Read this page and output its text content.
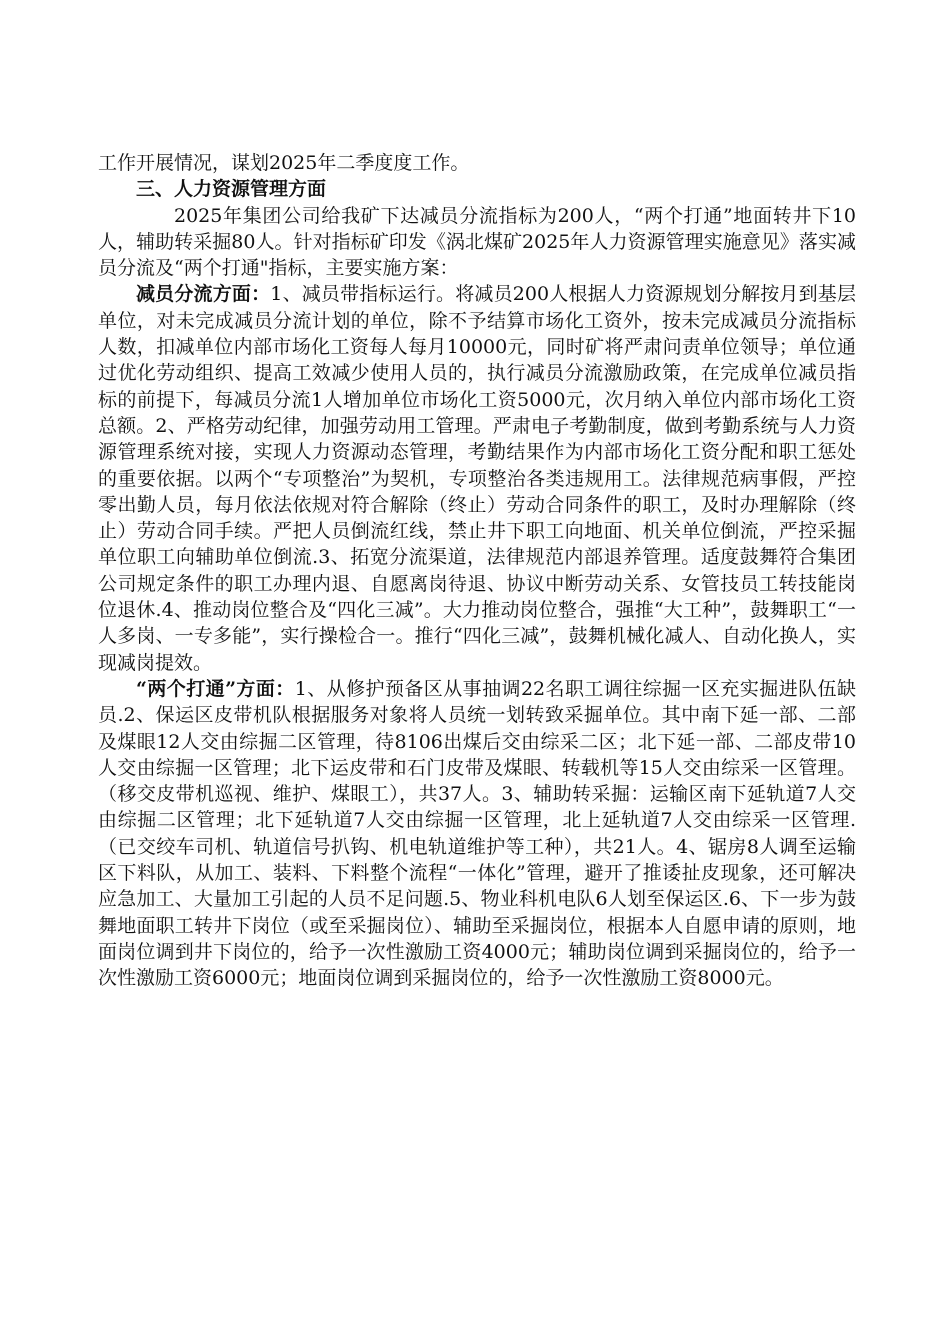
工作开展情况，谋划2025年二季度度工作。

三、人力资源管理方面

2025年集团公司给我矿下达减员分流指标为200人，“两个打通”地面转井下10人，辅助转采掘80人。针对指标矿印发《涡北煤矿2025年人力资源管理实施意见》落实减员分流及“两个打通"指标，主要实施方案：

减员分流方面：1、减员带指标运行。将减员200人根据人力资源规划分解按月到基层单位，对未完成减员分流计划的单位，除不予结算市场化工资外，按未完成减员分流指标人数，扣减单位内部市场化工资每人每月10000元，同时矿将严肃问责单位领导；单位通过优化劳动组织、提高工效减少使用人员的，执行减员分流激励政策，在完成单位减员指标的前提下，每减员分流1人增加单位市场化工资5000元，次月纳入单位内部市场化工资总额。2、严格劳动纪律，加强劳动用工管理。严肃电子考勤制度，做到考勤系统与人力资源管理系统对接，实现人力资源动态管理，考勤结果作为内部市场化工资分配和职工惩处的重要依据。以两个“专项整治”为契机，专项整治各类违规用工。法律规范病事假，严控零出勤人员，每月依法依规对符合解除（终止）劳动合同条件的职工，及时办理解除（终止）劳动合同手续。严把人员倒流红线，禁止井下职工向地面、机关单位倒流，严控采掘单位职工向辅助单位倒流.3、拓宽分流渠道，法律规范内部退养管理。适度鼓舞符合集团公司规定条件的职工办理内退、自愿离岗待退、协议中断劳动关系、女管技员工转技能岗位退休.4、推动岗位整合及“四化三减”。大力推动岗位整合，强推“大工种”，鼓舞职工“一人多岗、一专多能”，实行操检合一。推行“四化三减”，鼓舞机械化减人、自动化换人，实现减岗提效。

“两个打通”方面：1、从修护预备区从事抽调22名职工调往综掘一区充实掘进队伍缺员.2、保运区皮带机队根据服务对象将人员统一划转致采掘单位。其中南下延一部、二部及煤眼12人交由综掘二区管理，待8106出煤后交由综采二区；北下延一部、二部皮带10人交由综掘一区管理；北下运皮带和石门皮带及煤眼、转载机等15人交由综采一区管理。（移交皮带机巡视、维护、煤眼工），共37人。3、辅助转采掘：运输区南下延轨道7人交由综掘二区管理；北下延轨道7人交由综掘一区管理，北上延轨道7人交由综采一区管理.（已交绞车司机、轨道信号扒钩、机电轨道维护等工种），共21人。4、锯房8人调至运输区下料队，从加工、装料、下料整个流程“一体化”管理，避开了推诿扯皮现象，还可解决应急加工、大量加工引起的人员不足问题.5、物业科机电队6人划至保运区.6、下一步为鼓舞地面职工转井下岗位（或至采掘岗位）、辅助至采掘岗位，根据本人自愿申请的原则，地面岗位调到井下岗位的，给予一次性激励工资4000元；辅助岗位调到采掘岗位的，给予一次性激励工资6000元；地面岗位调到采掘岗位的，给予一次性激励工资8000元。
